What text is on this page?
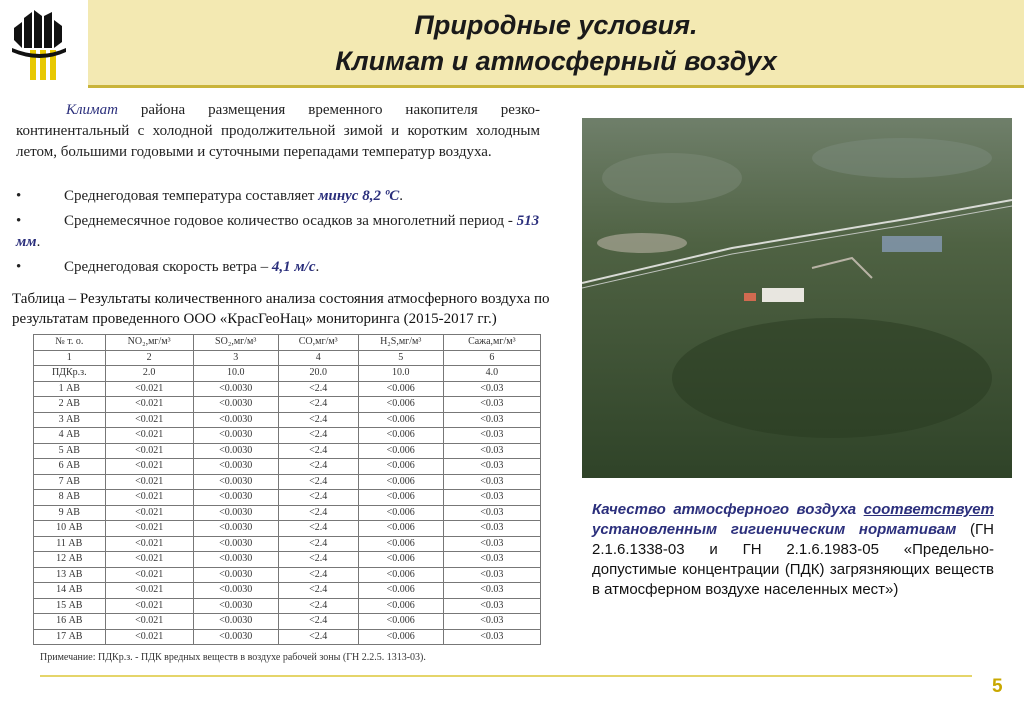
Природные условия.
Климат и атмосферный воздух

Климат района размещения временного накопителя резко-континентальный с холодной продолжительной зимой и коротким холодным летом, большими годовыми и суточными перепадами температур воздуха.

•	Среднегодовая температура составляет минус 8,2 ºС.
•	Среднемесячное годовое количество осадков за многолетний период - 513 мм.
•	Среднегодовая скорость ветра – 4,1 м/с.

Таблица – Результаты количественного анализа состояния атмосферного воздуха по результатам проведенного ООО «КрасГеоНац» мониторинга (2015-2017 гг.)

№ т. о.	NO₂,мг/м³	SO₂,мг/м³	CO,мг/м³	H₂S,мг/м³	Сажа,мг/м³
1	2	3	4	5	6
ПДКр.з.	2.0	10.0	20.0	10.0	4.0
1 АВ	<0.021	<0.0030	<2.4	<0.006	<0.03
2 АВ	<0.021	<0.0030	<2.4	<0.006	<0.03
3 АВ	<0.021	<0.0030	<2.4	<0.006	<0.03
4 АВ	<0.021	<0.0030	<2.4	<0.006	<0.03
5 АВ	<0.021	<0.0030	<2.4	<0.006	<0.03
6 АВ	<0.021	<0.0030	<2.4	<0.006	<0.03
7 АВ	<0.021	<0.0030	<2.4	<0.006	<0.03
8 АВ	<0.021	<0.0030	<2.4	<0.006	<0.03
9 АВ	<0.021	<0.0030	<2.4	<0.006	<0.03
10 АВ	<0.021	<0.0030	<2.4	<0.006	<0.03
11 АВ	<0.021	<0.0030	<2.4	<0.006	<0.03
12 АВ	<0.021	<0.0030	<2.4	<0.006	<0.03
13 АВ	<0.021	<0.0030	<2.4	<0.006	<0.03
14 АВ	<0.021	<0.0030	<2.4	<0.006	<0.03
15 АВ	<0.021	<0.0030	<2.4	<0.006	<0.03
16 АВ	<0.021	<0.0030	<2.4	<0.006	<0.03
17 АВ	<0.021	<0.0030	<2.4	<0.006	<0.03
Примечание: ПДКр.з. - ПДК вредных веществ в воздухе рабочей зоны (ГН 2.2.5. 1313-03).

Качество атмосферного воздуха соответствует установленным гигиеническим нормативам (ГН 2.1.6.1338-03 и ГН 2.1.6.1983-05 «Предельно-допустимые концентрации (ПДК) загрязняющих веществ в атмосферном воздухе населенных мест»)

5
